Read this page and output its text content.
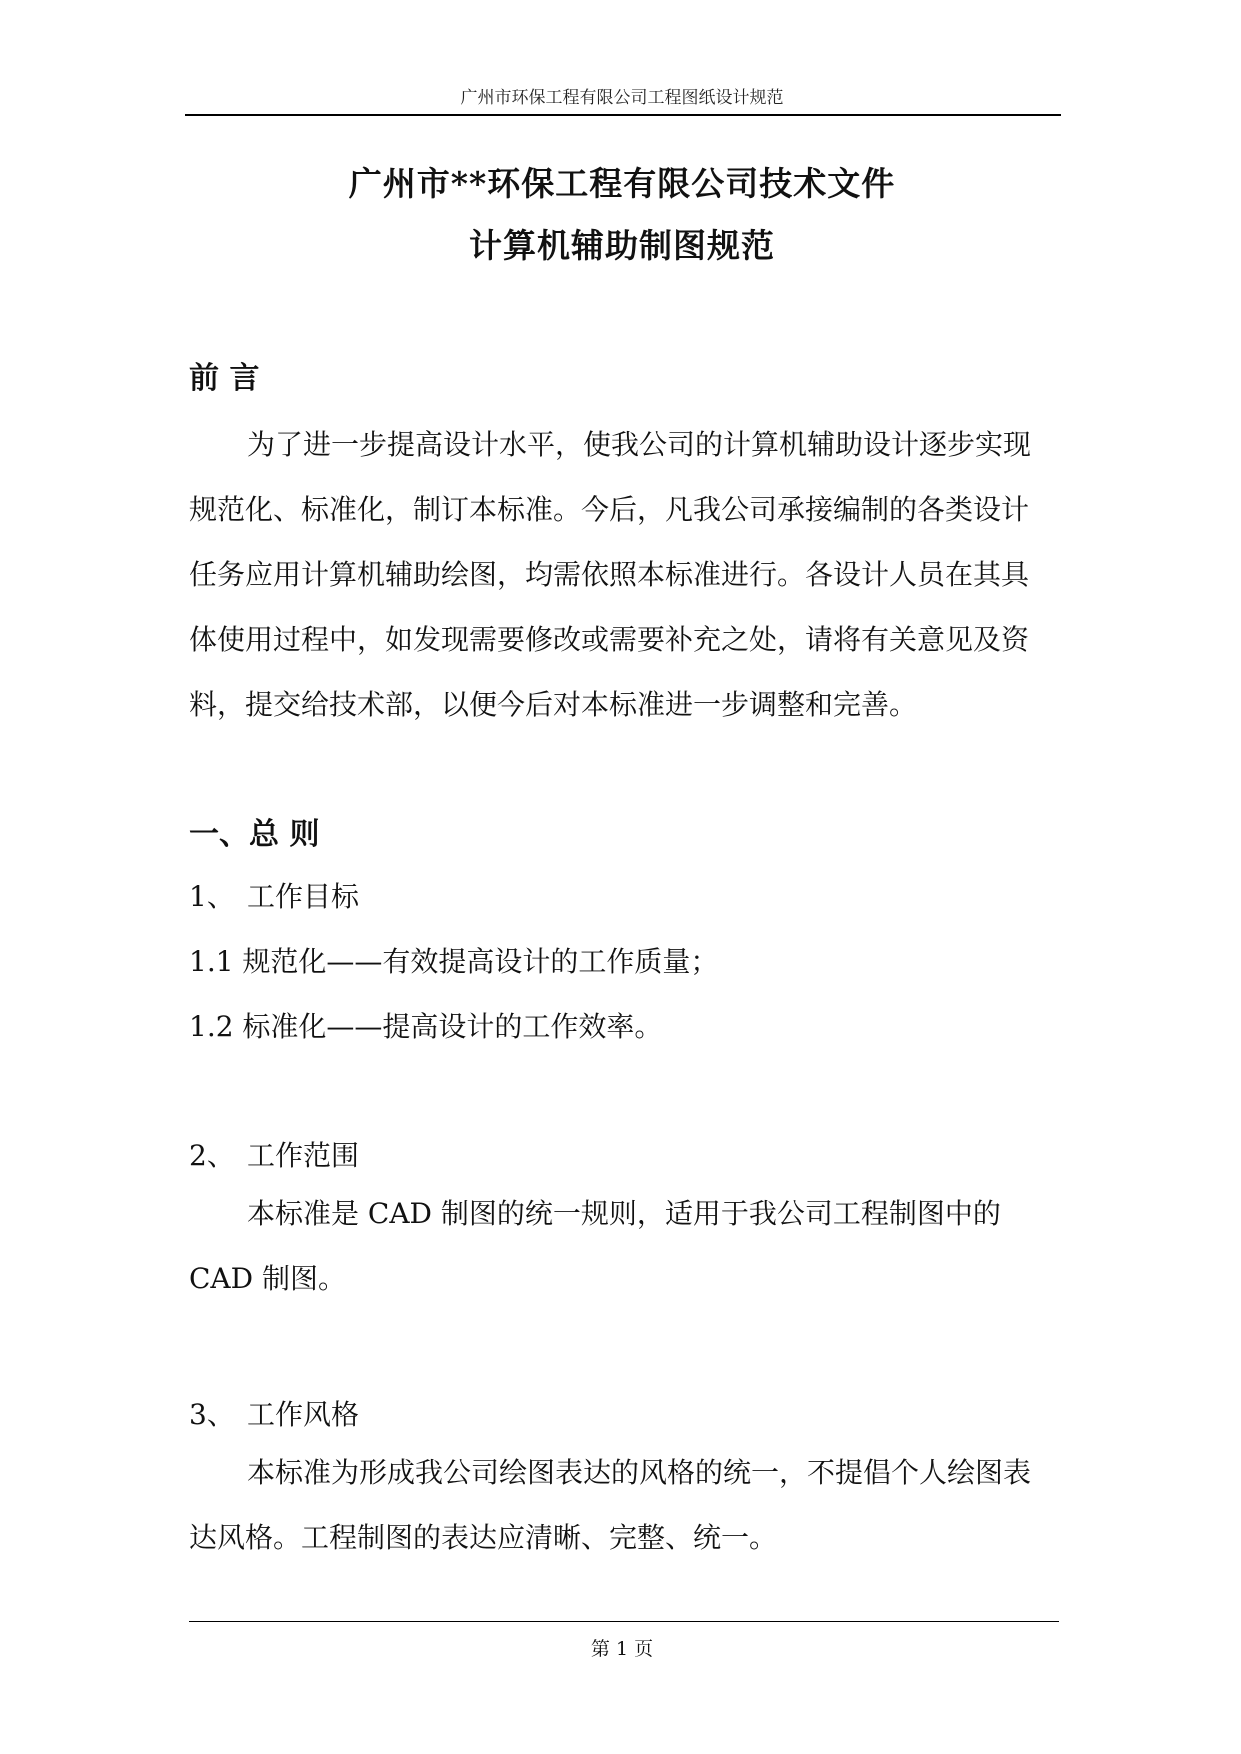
广州市环保工程有限公司工程图纸设计规范
广州市**环保工程有限公司技术文件
计算机辅助制图规范
前 言
为了进一步提高设计水平，使我公司的计算机辅助设计逐步实现规范化、标准化，制订本标准。今后，凡我公司承接编制的各类设计任务应用计算机辅助绘图，均需依照本标准进行。各设计人员在其具体使用过程中，如发现需要修改或需要补充之处，请将有关意见及资料，提交给技术部，以便今后对本标准进一步调整和完善。
一、总 则
1、 工作目标
1.1 规范化——有效提高设计的工作质量；
1.2 标准化——提高设计的工作效率。
2、 工作范围
本标准是 CAD 制图的统一规则，适用于我公司工程制图中的 CAD 制图。
3、 工作风格
本标准为形成我公司绘图表达的风格的统一，不提倡个人绘图表达风格。工程制图的表达应清晰、完整、统一。
第 1 页
